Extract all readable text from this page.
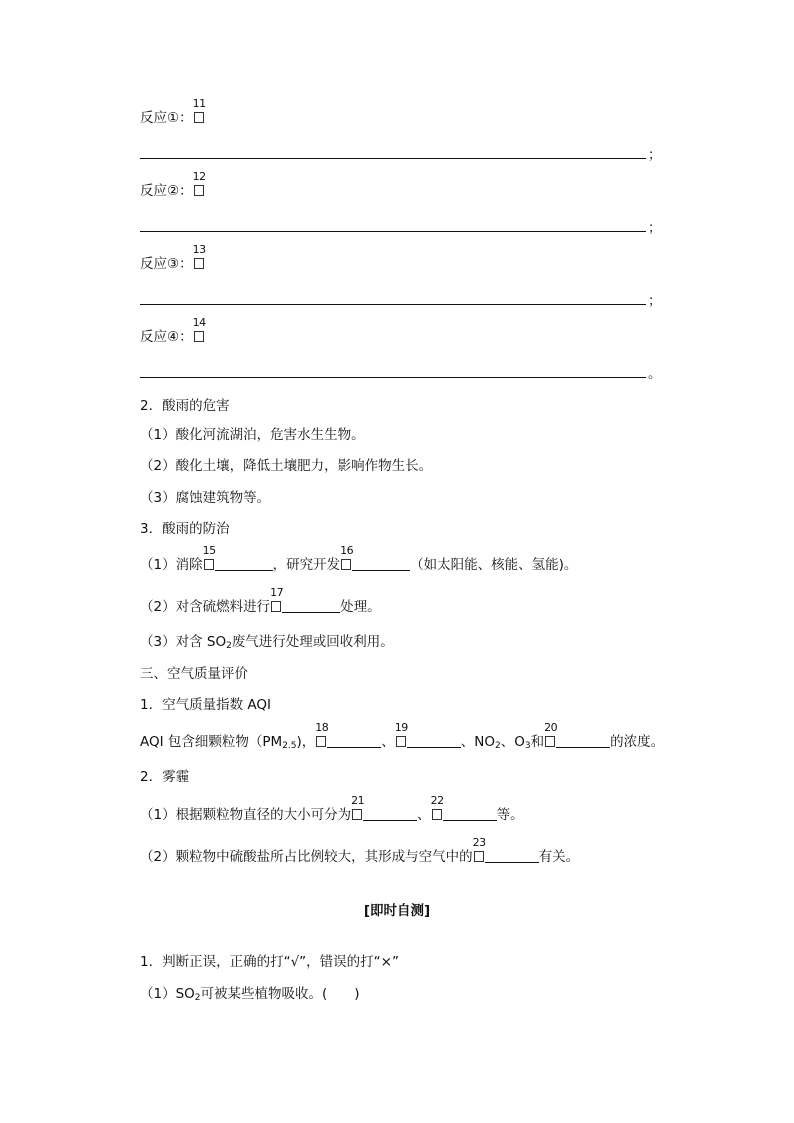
反应①：
11
；
反应②：
12
；
反应③：
13
；
反应④：
14
。
2．酸雨的危害
（1）酸化河流湖泊，危害水生生物。
（2）酸化土壤，降低土壤肥力，影响作物生长。
（3）腐蚀建筑物等。
3．酸雨的防治
（1）消除
15
，研究开发
16
（如太阳能、核能、氢能)。
（2）对含硫燃料进行
17
处理。
（3）对含 $SO_2$废气进行处理或回收利用。
三、空气质量评价
1．空气质量指数 AQI
AQI 包含细颗粒物$(PM_{2.5})$，
18
、
19
、$NO_2$、$O_3$和
20
的浓度。
2．雾霾
（1）根据颗粒物直径的大小可分为
21
、
22
等。
（2）颗粒物中硫酸盐所占比例较大，其形成与空气中的
23
有关。
[即时自测]
1．判断正误，正确的打“√”，错误的打“×”
$(1)SO_2$可被某些植物吸收。(　　)
